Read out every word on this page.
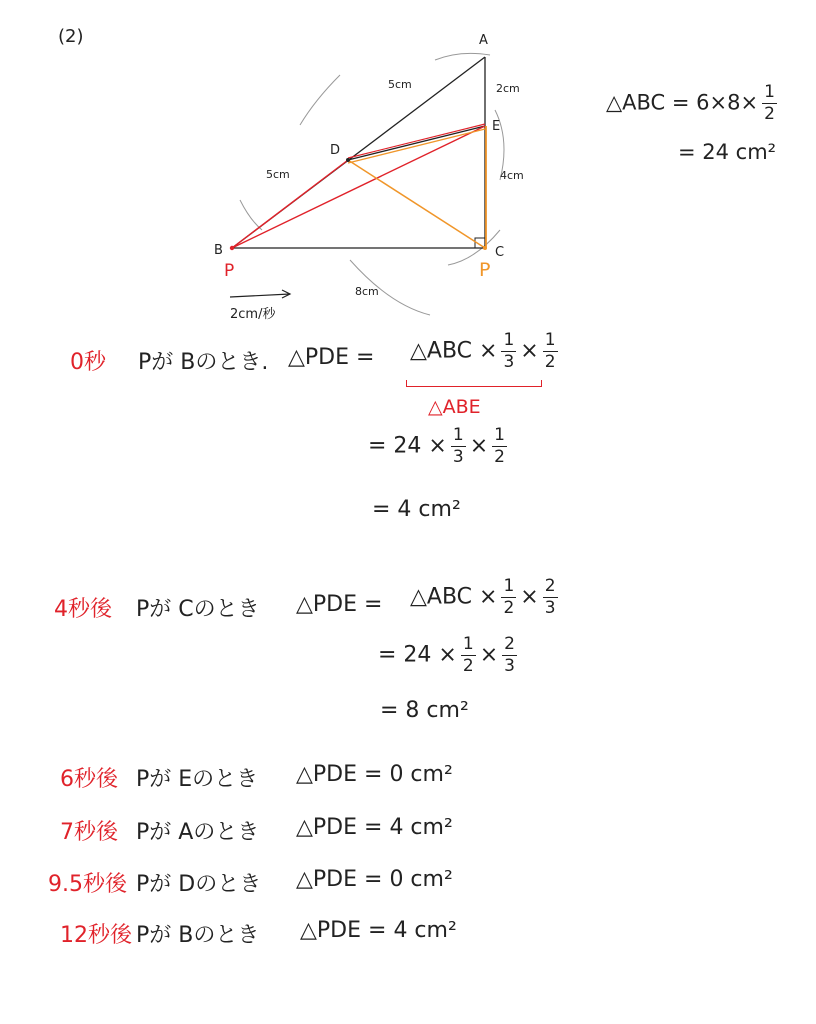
(2)	A
B	C
D
E
P	P
5cm
5cm
2cm
4cm
8cm
2cm/秒
△ABC = $6\times 8\times \frac{1}{2}$
= 24 cm²
0秒 Pが Bのとき. △PDE = △ABC × $\frac{1}{3} \times \frac{1}{2}$
△ABE
= $24 \times \frac{1}{3} \times \frac{1}{2}$
= 4 cm²
4秒後 Pが Cのとき △PDE = △ABC × $\frac{1}{2} \times \frac{2}{3}$
= $24 \times \frac{1}{2} \times \frac{2}{3}$
= 8 cm²
6秒後 Pが Eのとき △PDE = 0 cm²
7秒後 Pが Aのとき △PDE = 4 cm²
9.5秒後 Pが Dのとき △PDE = 0 cm²
12秒後 Pが Bのとき △PDE = 4 cm²
